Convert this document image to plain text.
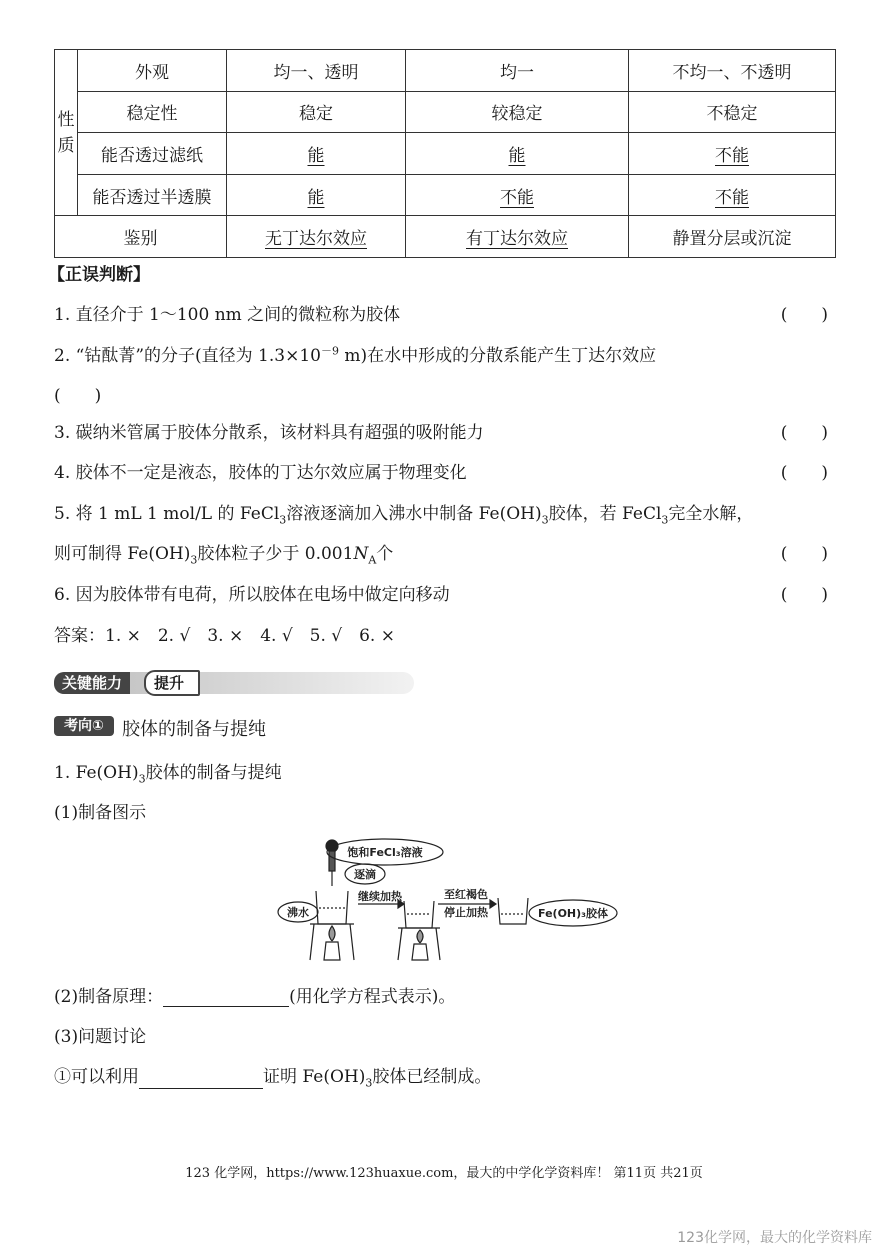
性
质	外观	均一、透明	均一	不均一、不透明
	稳定性	稳定	较稳定	不稳定
	能否透过滤纸	能	能	不能
	能否透过半透膜	能	不能	不能
鉴别		无丁达尔效应	有丁达尔效应	静置分层或沉淀
【正误判断】
1. 直径介于 1～100 nm 之间的微粒称为胶体	(　　)
2. “钴酞菁”的分子(直径为 $1.3\times 10^{-9}$ m)在水中形成的分散系能产生丁达尔效应
(　　)
3. 碳纳米管属于胶体分散系，该材料具有超强的吸附能力	(　　)
4. 胶体不一定是液态，胶体的丁达尔效应属于物理变化	(　　)
5. 将 1 mL 1 mol/L 的 FeCl$_3$溶液逐滴加入沸水中制备 $Fe(OH)_3$胶体，若 FeCl$_3$完全水解，
则可制得 $Fe(OH)_3$胶体粒子少于 $0.001N_A$个	(　　)
6. 因为胶体带有电荷，所以胶体在电场中做定向移动	(　　)
答案：1. ×　2. √　3. ×　4. √　5. √　6. ×
关键能力	提升
考向①	胶体的制备与提纯
1. $Fe(OH)_3$胶体的制备与提纯
(1)制备图示
饱和FeCl₃溶液
逐滴
沸水
继续加热	至红褐色
停止加热	Fe(OH)₃胶体
(2)制备原理：	(用化学方程式表示)。
(3)问题讨论
①可以利用	证明 $Fe(OH)_3$胶体已经制成。
123 化学网，https://www.123huaxue.com，最大的中学化学资料库！ 第11页 共21页
123化学网，最大的化学资料库
